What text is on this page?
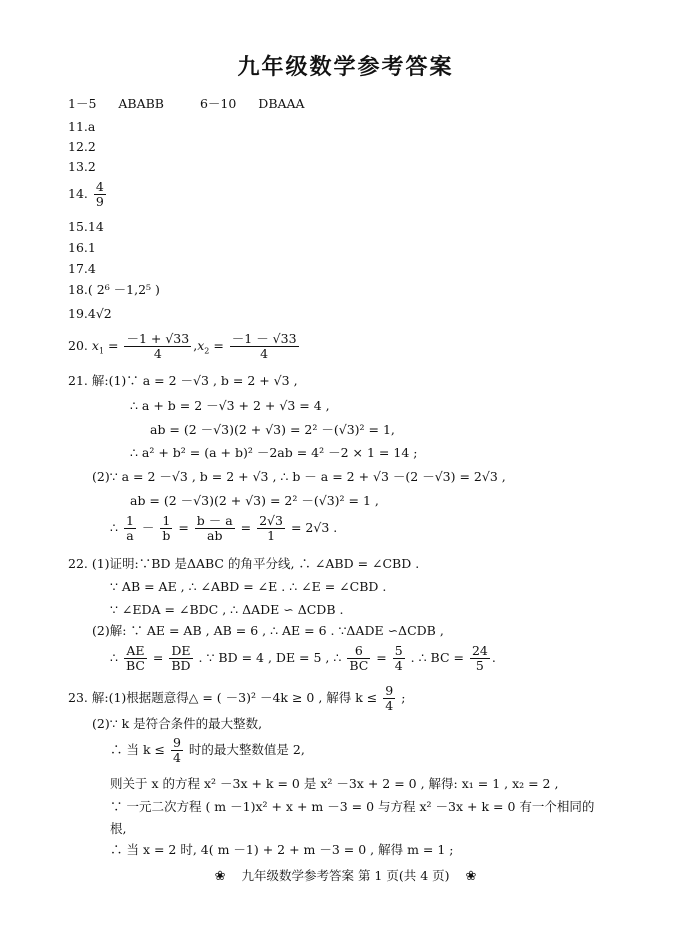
九年级数学参考答案
1－5 ABABB	6－10 DBAAA
11.a
12.2
13.2
14. $\frac{4}{9}$
15.14
16.1
17.4
18.( 2⁶ －1,2⁵ )
19.4√2
20. $x_1 = \frac{-1 + √33}{4} ,x_2 = \frac{-1 - √33}{4}$
21. 解:(1)∵ a = 2 －√3 , b = 2 + √3 ,
∴ a + b = 2 －√3 + 2 + √3 = 4 ,
ab = (2 －√3)(2 + √3) = 2² －(√3)² = 1,
∴ a² + b² = (a + b)² －2ab = 4² －2 × 1 = 14 ;
(2)∵ a = 2 －√3 , b = 2 + √3 , ∴ b － a = 2 + √3 －(2 －√3) = 2√3 ,
ab = (2 －√3)(2 + √3) = 2² －(√3)² = 1 ,
∴ $\frac{1}{a} - \frac{1}{b} = \frac{b - a}{ab} = \frac{2√3}{1} = 2√3$ .
22. (1)证明:∵BD 是ΔABC 的角平分线, ∴ ∠ABD = ∠CBD .
∵ AB = AE , ∴ ∠ABD = ∠E . ∴ ∠E = ∠CBD .
∵ ∠EDA = ∠BDC , ∴ ΔADE ∽ ΔCDB .
(2)解: ∵ AE = AB , AB = 6 , ∴ AE = 6 . ∵ΔADE ∽ΔCDB ,
∴ $\frac{AE}{BC} = \frac{DE}{BD}$ . ∵ BD = 4 , DE = 5 , ∴ $\frac{6}{BC} = \frac{5}{4}$ . ∴ BC = $\frac{24}{5}$ .
23. 解:(1)根据题意得△ = ( －3)² －4k ≥ 0 , 解得 $k \le \frac{9}{4}$ ;
(2)∵ k 是符合条件的最大整数,
∴ 当 $k \le \frac{9}{4}$ 时的最大整数值是 2,
则关于 x 的方程 x² －3x + k = 0 是 x² －3x + 2 = 0 , 解得: x₁ = 1 , x₂ = 2 ,
∵ 一元二次方程 ( m －1)x² + x + m －3 = 0 与方程 x² －3x + k = 0 有一个相同的
根,
∴ 当 x = 2 时, 4( m －1) + 2 + m －3 = 0 , 解得 m = 1 ;
❀ 九年级数学参考答案 第 1 页(共 4 页) ❀
